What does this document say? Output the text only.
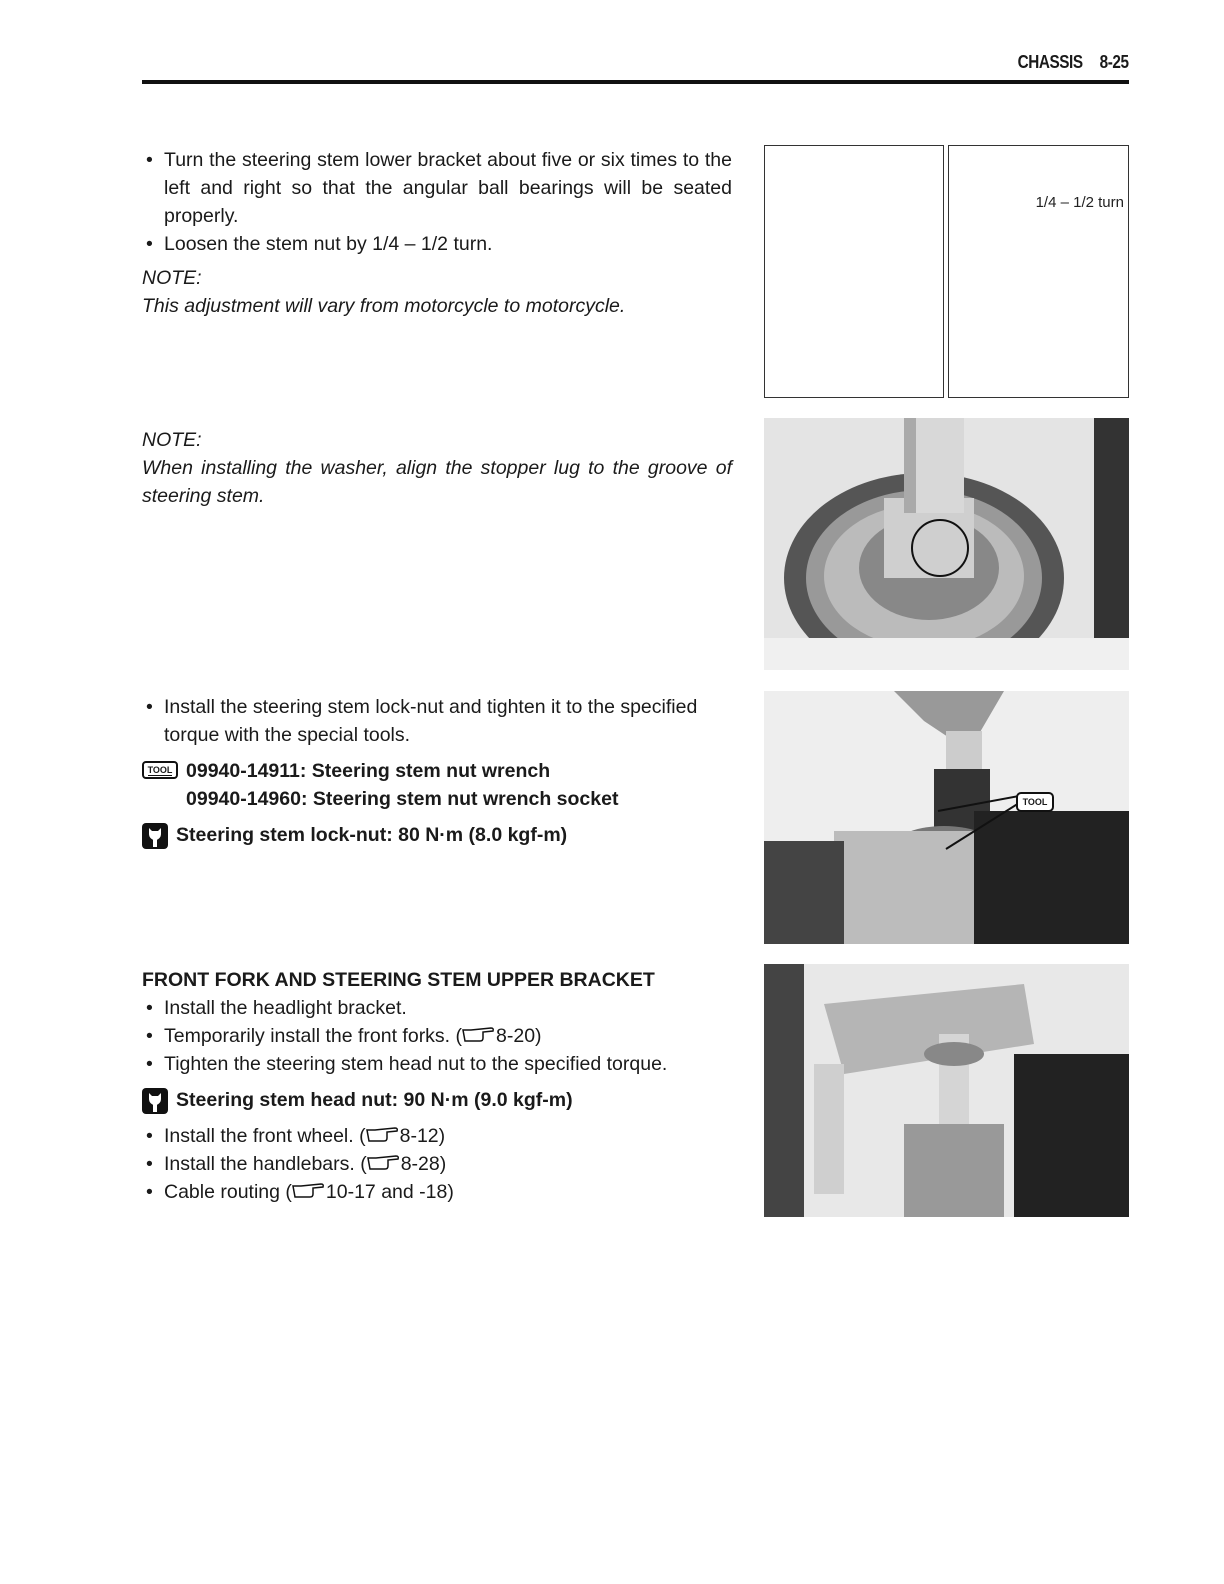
CHASSIS 8-25
• Turn the steering stem lower bracket about five or six times to the left and right so that the angular ball bearings will be seated properly.
• Loosen the stem nut by 1/4 – 1/2 turn.
NOTE:
This adjustment will vary from motorcycle to motorcycle.
1/4 – 1/2 turn
NOTE:
When installing the washer, align the stopper lug to the groove of steering stem.
• Install the steering stem lock-nut and tighten it to the specified torque with the special tools.
TOOL 09940-14911: Steering stem nut wrench
09940-14960: Steering stem nut wrench socket
Steering stem lock-nut: 80 N·m (8.0 kgf-m)
TOOL
FRONT FORK AND STEERING STEM UPPER BRACKET
• Install the headlight bracket.
• Temporarily install the front forks. ( 8-20)
• Tighten the steering stem head nut to the specified torque.
Steering stem head nut: 90 N·m (9.0 kgf-m)
• Install the front wheel. ( 8-12)
• Install the handlebars. ( 8-28)
• Cable routing ( 10-17 and -18)
